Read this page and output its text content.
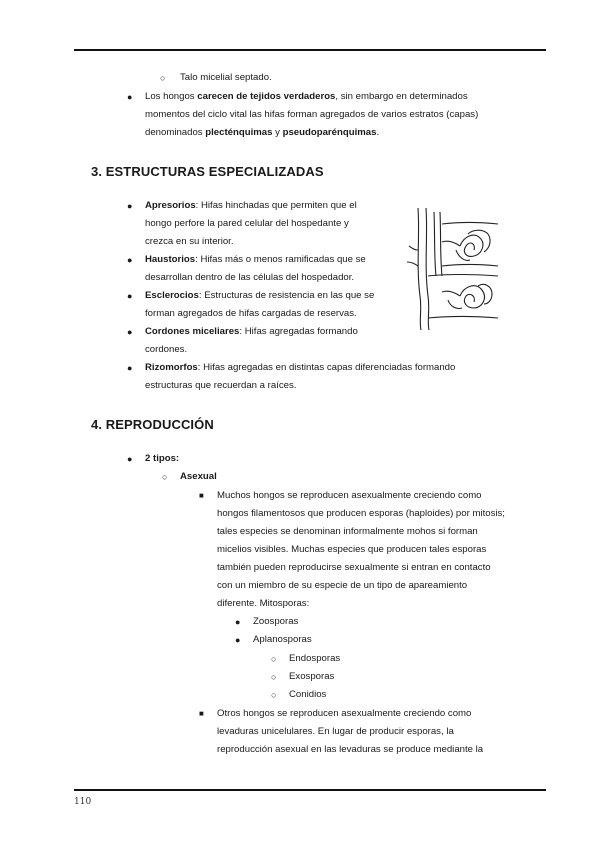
○ Talo micelial septado.
● Los hongos carecen de tejidos verdaderos, sin embargo en determinados
momentos del ciclo vital las hifas forman agregados de varios estratos (capas)
denominados plecténquimas y pseudoparénquimas.
3. ESTRUCTURAS ESPECIALIZADAS
● Apresorios: Hifas hinchadas que permiten que el
hongo perfore la pared celular del hospedante y
crezca en su interior.
● Haustorios: Hifas más o menos ramificadas que se
desarrollan dentro de las células del hospedador.
● Esclerocios: Estructuras de resistencia en las que se
forman agregados de hifas cargadas de reservas.
● Cordones miceliares: Hifas agregadas formando
cordones.
● Rizomorfos: Hifas agregadas en distintas capas diferenciadas formando
estructuras que recuerdan a raíces.
4. REPRODUCCIÓN
● 2 tipos:
○ Asexual
■ Muchos hongos se reproducen asexualmente creciendo como
hongos filamentosos que producen esporas (haploides) por mitosis;
tales especies se denominan informalmente mohos si forman
micelios visibles. Muchas especies que producen tales esporas
también pueden reproducirse sexualmente si entran en contacto
con un miembro de su especie de un tipo de apareamiento
diferente. Mitosporas:
● Zoosporas
● Aplanosporas
○ Endosporas
○ Exosporas
○ Conidios
■ Otros hongos se reproducen asexualmente creciendo como
levaduras unicelulares. En lugar de producir esporas, la
reproducción asexual en las levaduras se produce mediante la
110
